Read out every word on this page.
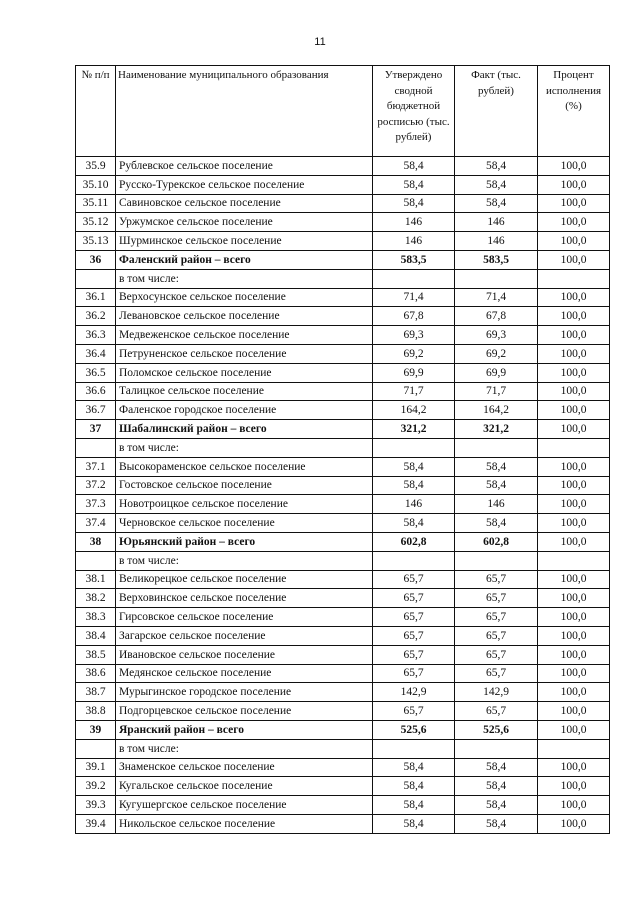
11
№ п/п	Наименование муниципального образования	Утверждено сводной бюджетной росписью (тыс. рублей)	Факт (тыс. рублей)	Процент исполнения (%)
35.9	Рублевское сельское поселение	58,4	58,4	100,0
35.10	Русско-Турекское сельское поселение	58,4	58,4	100,0
35.11	Савиновское сельское поселение	58,4	58,4	100,0
35.12	Уржумское сельское поселение	146	146	100,0
35.13	Шурминское сельское поселение	146	146	100,0
36	Фаленский район – всего	583,5	583,5	100,0
	в том числе:			
36.1	Верхосунское сельское поселение	71,4	71,4	100,0
36.2	Левановское сельское поселение	67,8	67,8	100,0
36.3	Медвеженское сельское поселение	69,3	69,3	100,0
36.4	Петруненское сельское поселение	69,2	69,2	100,0
36.5	Поломское сельское поселение	69,9	69,9	100,0
36.6	Талицкое сельское поселение	71,7	71,7	100,0
36.7	Фаленское городское поселение	164,2	164,2	100,0
37	Шабалинский район – всего	321,2	321,2	100,0
	в том числе:			
37.1	Высокораменское сельское поселение	58,4	58,4	100,0
37.2	Гостовское сельское поселение	58,4	58,4	100,0
37.3	Новотроицкое сельское поселение	146	146	100,0
37.4	Черновское сельское поселение	58,4	58,4	100,0
38	Юрьянский район – всего	602,8	602,8	100,0
	в том числе:			
38.1	Великорецкое сельское поселение	65,7	65,7	100,0
38.2	Верховинское сельское поселение	65,7	65,7	100,0
38.3	Гирсовское сельское поселение	65,7	65,7	100,0
38.4	Загарское сельское поселение	65,7	65,7	100,0
38.5	Ивановское сельское поселение	65,7	65,7	100,0
38.6	Медянское сельское поселение	65,7	65,7	100,0
38.7	Мурыгинское городское поселение	142,9	142,9	100,0
38.8	Подгорцевское сельское поселение	65,7	65,7	100,0
39	Яранский район – всего	525,6	525,6	100,0
	в том числе:			
39.1	Знаменское сельское поселение	58,4	58,4	100,0
39.2	Кугальское сельское поселение	58,4	58,4	100,0
39.3	Кугушергское сельское поселение	58,4	58,4	100,0
39.4	Никольское сельское поселение	58,4	58,4	100,0
